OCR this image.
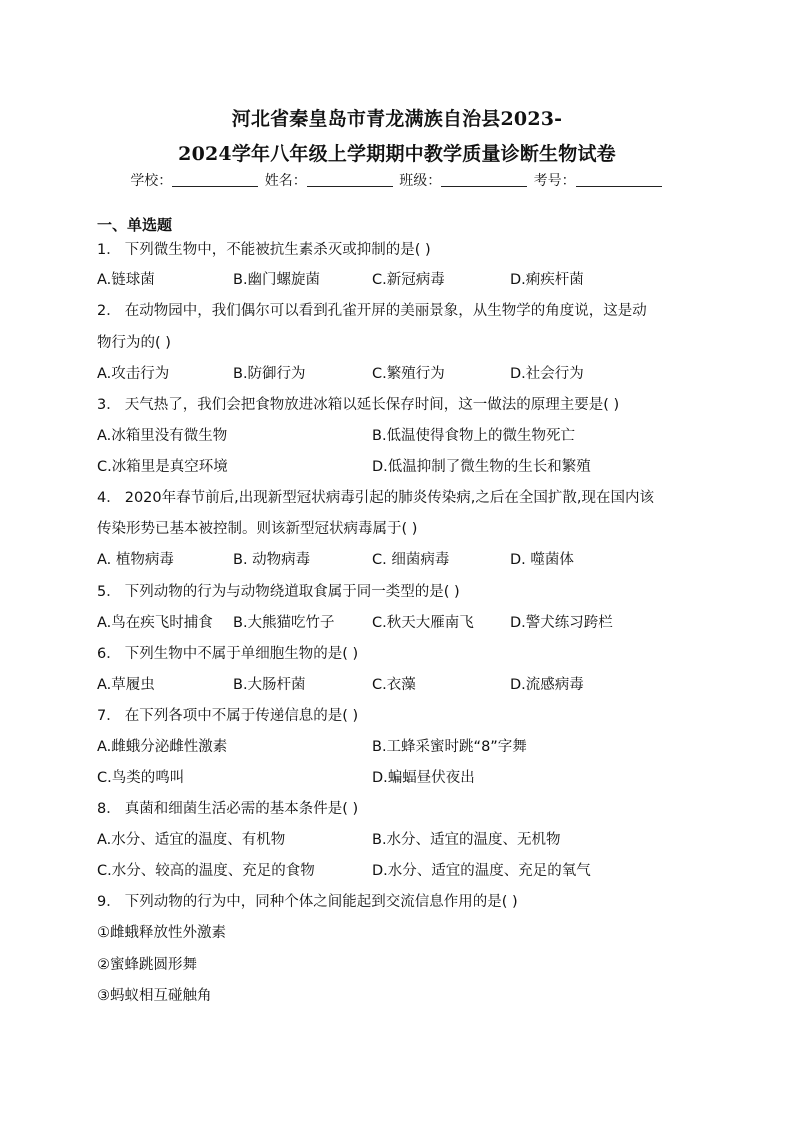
河北省秦皇岛市青龙满族自治县2023-
2024学年八年级上学期期中教学质量诊断生物试卷
学校：	姓名：	班级：	考号：
一、单选题
1． 下列微生物中，不能被抗生素杀灭或抑制的是( )
A.链球菌	B.幽门螺旋菌	C.新冠病毒	D.痢疾杆菌
2． 在动物园中，我们偶尔可以看到孔雀开屏的美丽景象，从生物学的角度说，这是动
物行为的( )
A.攻击行为	B.防御行为	C.繁殖行为	D.社会行为
3． 天气热了，我们会把食物放进冰箱以延长保存时间，这一做法的原理主要是( )
A.冰箱里没有微生物	B.低温使得食物上的微生物死亡
C.冰箱里是真空环境	D.低温抑制了微生物的生长和繁殖
4． 2020年春节前后,出现新型冠状病毒引起的肺炎传染病,之后在全国扩散,现在国内该
传染形势已基本被控制。则该新型冠状病毒属于( )
A. 植物病毒	B. 动物病毒	C. 细菌病毒	D. 噬菌体
5． 下列动物的行为与动物绕道取食属于同一类型的是( )
A.鸟在疾飞时捕食 B.大熊猫吃竹子	C.秋天大雁南飞	D.警犬练习跨栏
6． 下列生物中不属于单细胞生物的是( )
A.草履虫	B.大肠杆菌	C.衣藻	D.流感病毒
7． 在下列各项中不属于传递信息的是( )
A.雌蛾分泌雌性激素	B.工蜂采蜜时跳“8”字舞
C.鸟类的鸣叫	D.蝙蝠昼伏夜出
8． 真菌和细菌生活必需的基本条件是( )
A.水分、适宜的温度、有机物	B.水分、适宜的温度、无机物
C.水分、较高的温度、充足的食物	D.水分、适宜的温度、充足的氧气
9． 下列动物的行为中，同种个体之间能起到交流信息作用的是( )
①雌蛾释放性外激素
②蜜蜂跳圆形舞
③蚂蚁相互碰触角
